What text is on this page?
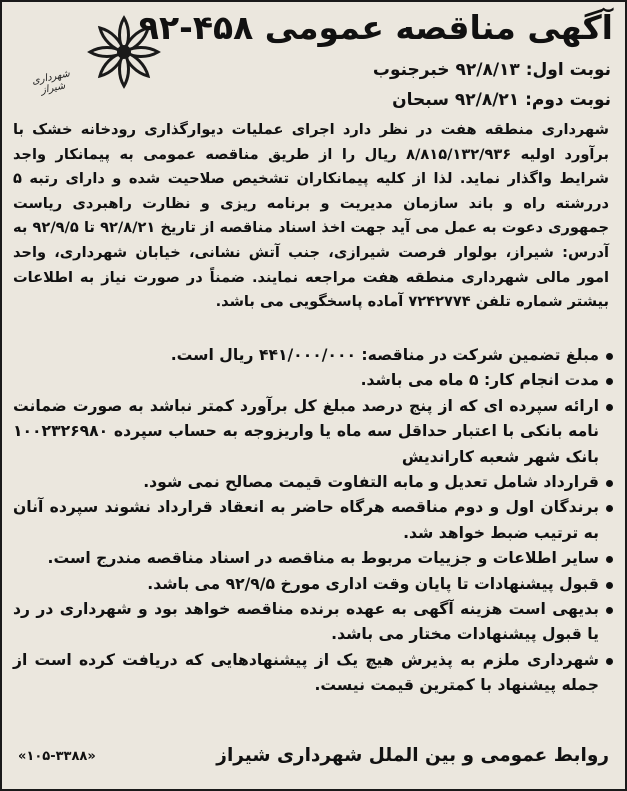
شهرداری شیراز
آگهی مناقصه عمومی ۴۵۸-۹۲
نوبت اول: ۹۲/۸/۱۳ خبرجنوب
نوبت دوم: ۹۲/۸/۲۱ سبحان
شهرداری منطقه هفت در نظر دارد اجرای عملیات دیوارگذاری رودخانه خشک با برآورد اولیه ۸/۸۱۵/۱۳۲/۹۳۶ ریال را از طریق مناقصه عمومی به پیمانکار واجد شرایط واگذار نماید. لذا از کلیه پیمانکاران تشخیص صلاحیت شده و دارای رتبه ۵ دررشته راه و باند سازمان مدیریت و برنامه ریزی و نظارت راهبردی ریاست جمهوری دعوت به عمل می آید جهت اخذ اسناد مناقصه از تاریخ ۹۲/۸/۲۱ تا ۹۲/۹/۵ به آدرس: شیراز، بولوار فرصت شیرازی، جنب آتش نشانی، خیابان شهرداری، واحد امور مالی شهرداری منطقه هفت مراجعه نمایند. ضمناً در صورت نیاز به اطلاعات بیشتر شماره تلفن ۷۲۴۲۷۷۴ آماده پاسخگویی می باشد.
مبلغ تضمین شرکت در مناقصه: ۴۴۱/۰۰۰/۰۰۰ ریال است.
مدت انجام کار: ۵ ماه می باشد.
ارائه سپرده ای که از پنج درصد مبلغ کل برآورد کمتر نباشد به صورت ضمانت نامه بانکی با اعتبار حداقل سه ماه یا واریزوجه به حساب سپرده ۱۰۰۲۳۲۶۹۸۰ بانک شهر شعبه کاراندیش
قرارداد شامل تعدیل و مابه التفاوت قیمت مصالح نمی شود.
برندگان اول و دوم مناقصه هرگاه حاضر به انعقاد قرارداد نشوند سپرده آنان به ترتیب ضبط خواهد شد.
سایر اطلاعات و جزییات مربوط به مناقصه در اسناد مناقصه مندرج است.
قبول پیشنهادات تا پایان وقت اداری مورخ ۹۲/۹/۵ می باشد.
بدیهی است هزینه آگهی به عهده برنده مناقصه خواهد بود و شهرداری در رد یا قبول پیشنهادات مختار می باشد.
شهرداری ملزم به پذیرش هیچ یک از پیشنهادهایی که دریافت کرده است از جمله پیشنهاد با کمترین قیمت نیست.
روابط عمومی و بین الملل شهرداری شیراز
«۱۰۵-۳۳۸۸»
